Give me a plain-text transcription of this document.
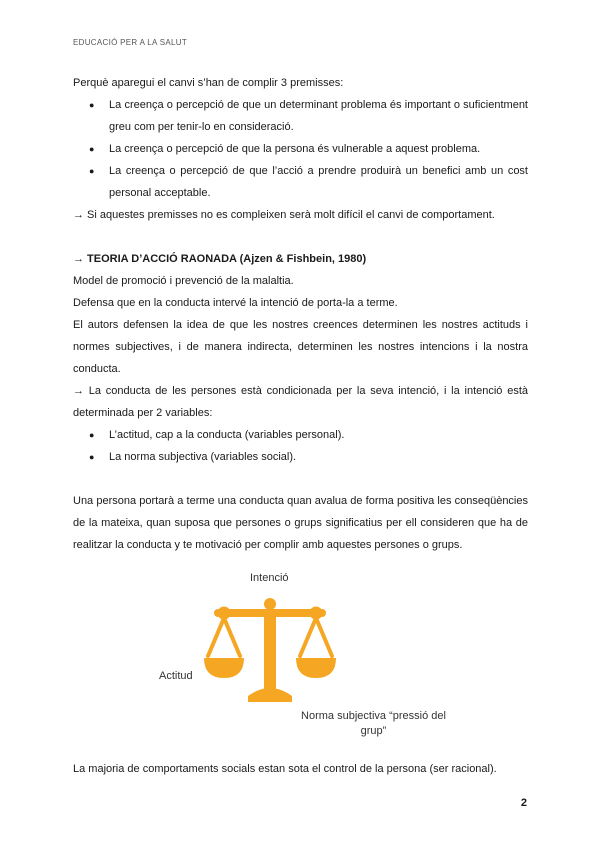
EDUCACIÓ PER A LA SALUT

Perquè aparegui el canvi s’han de complir 3 premisses:

● La creença o percepció de que un determinant problema és important o suficientment greu com per tenir-lo en consideració.
● La creença o percepció de que la persona és vulnerable a aquest problema.
● La creença o percepció de que l’acció a prendre produirà un benefici amb un cost personal acceptable.

→ Si aquestes premisses no es compleixen serà molt difícil el canvi de comportament.

→ TEORIA D’ACCIÓ RAONADA (Ajzen & Fishbein, 1980)

Model de promoció i prevenció de la malaltia.

Defensa que en la conducta intervé la intenció de porta-la a terme.

El autors defensen la idea de que les nostres creences determinen les nostres actituds i normes subjectives, i de manera indirecta, determinen les nostres intencions i la nostra conducta.

→ La conducta de les persones està condicionada per la seva intenció, i la intenció està determinada per 2 variables:

● L’actitud, cap a la conducta (variables personal).
● La norma subjectiva (variables social).

Una persona portarà a terme una conducta quan avalua de forma positiva les conseqüències de la mateixa, quan suposa que persones o grups significatius per ell consideren que ha de realitzar la conducta y te motivació per complir amb aquestes persones o grups.

Intenció
Actitud
Norma subjectiva “pressió del grup”

La majoria de comportaments socials estan sota el control de la persona (ser racional).

2
